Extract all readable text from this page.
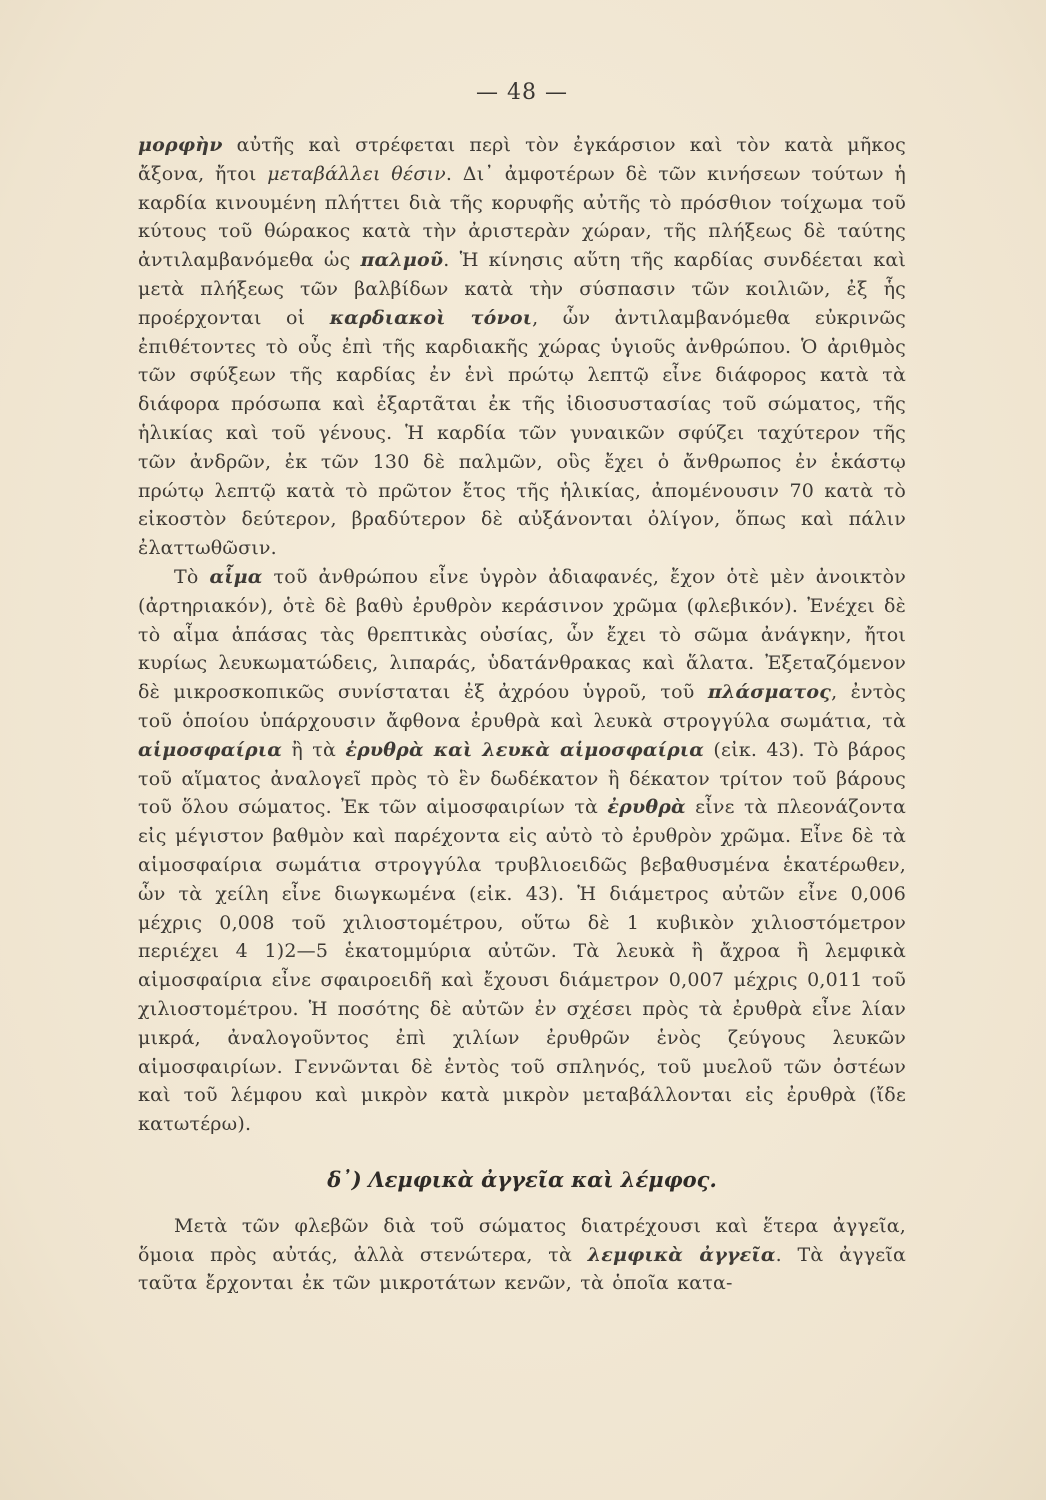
— 48 —

μορφὴν αὐτῆς καὶ στρέφεται περὶ τὸν ἐγκάρσιον καὶ τὸν κατὰ μῆκος ἄξονα, ἤτοι μεταβάλλει θέσιν. Δι᾽ ἀμφοτέρων δὲ τῶν κινήσεων τούτων ἡ καρδία κινουμένη πλήττει διὰ τῆς κορυφῆς αὐτῆς τὸ πρόσθιον τοίχωμα τοῦ κύτους τοῦ θώρακος κατὰ τὴν ἀριστερὰν χώραν, τῆς πλήξεως δὲ ταύτης ἀντιλαμβανόμεθα ὡς παλμοῦ. Ἡ κίνησις αὕτη τῆς καρδίας συνδέεται καὶ μετὰ πλήξεως τῶν βαλβίδων κατὰ τὴν σύσπασιν τῶν κοιλιῶν, ἐξ ἧς προέρχονται οἱ καρδιακοὶ τόνοι, ὧν ἀντιλαμβανόμεθα εὐκρινῶς ἐπιθέτοντες τὸ οὖς ἐπὶ τῆς καρδιακῆς χώρας ὑγιοῦς ἀνθρώπου. Ὁ ἀριθμὸς τῶν σφύξεων τῆς καρδίας ἐν ἑνὶ πρώτῳ λεπτῷ εἶνε διάφορος κατὰ τὰ διάφορα πρόσωπα καὶ ἐξαρτᾶται ἐκ τῆς ἰδιοσυστασίας τοῦ σώματος, τῆς ἡλικίας καὶ τοῦ γένους. Ἡ καρδία τῶν γυναικῶν σφύζει ταχύτερον τῆς τῶν ἀνδρῶν, ἐκ τῶν 130 δὲ παλμῶν, οὓς ἔχει ὁ ἄνθρωπος ἐν ἑκάστῳ πρώτῳ λεπτῷ κατὰ τὸ πρῶτον ἔτος τῆς ἡλικίας, ἀπομένουσιν 70 κατὰ τὸ εἰκοστὸν δεύτερον, βραδύτερον δὲ αὐξάνονται ὀλίγον, ὅπως καὶ πάλιν ἐλαττωθῶσιν.

Τὸ αἷμα τοῦ ἀνθρώπου εἶνε ὑγρὸν ἀδιαφανές, ἔχον ὁτὲ μὲν ἀνοικτὸν (ἀρτηριακόν), ὁτὲ δὲ βαθὺ ἐρυθρὸν κεράσινον χρῶμα (φλεβικόν). Ἐνέχει δὲ τὸ αἷμα ἁπάσας τὰς θρεπτικὰς οὐσίας, ὧν ἔχει τὸ σῶμα ἀνάγκην, ἤτοι κυρίως λευκωματώδεις, λιπαράς, ὑδατάνθρακας καὶ ἅλατα. Ἐξεταζόμενον δὲ μικροσκοπικῶς συνίσταται ἐξ ἀχρόου ὑγροῦ, τοῦ πλάσματος, ἐντὸς τοῦ ὁποίου ὑπάρχουσιν ἄφθονα ἐρυθρὰ καὶ λευκὰ στρογγύλα σωμάτια, τὰ αἱμοσφαίρια ἢ τὰ ἐρυθρὰ καὶ λευκὰ αἱμοσφαίρια (εἰκ. 43). Τὸ βάρος τοῦ αἵματος ἀναλογεῖ πρὸς τὸ ἓν δωδέκατον ἢ δέκατον τρίτον τοῦ βάρους τοῦ ὅλου σώματος. Ἐκ τῶν αἱμοσφαιρίων τὰ ἐρυθρὰ εἶνε τὰ πλεονάζοντα εἰς μέγιστον βαθμὸν καὶ παρέχοντα εἰς αὐτὸ τὸ ἐρυθρὸν χρῶμα. Εἶνε δὲ τὰ αἱμοσφαίρια σωμάτια στρογγύλα τρυβλιοειδῶς βεβαθυσμένα ἑκατέρωθεν, ὧν τὰ χείλη εἶνε διωγκωμένα (εἰκ. 43). Ἡ διάμετρος αὐτῶν εἶνε 0,006 μέχρις 0,008 τοῦ χιλιοστομέτρου, οὕτω δὲ 1 κυβικὸν χιλιοστόμετρον περιέχει 4 1)2—5 ἑκατομμύρια αὐτῶν. Τὰ λευκὰ ἢ ἄχροα ἢ λεμφικὰ αἱμοσφαίρια εἶνε σφαιροειδῆ καὶ ἔχουσι διάμετρον 0,007 μέχρις 0,011 τοῦ χιλιοστομέτρου. Ἡ ποσότης δὲ αὐτῶν ἐν σχέσει πρὸς τὰ ἐρυθρὰ εἶνε λίαν μικρά, ἀναλογοῦντος ἐπὶ χιλίων ἐρυθρῶν ἑνὸς ζεύγους λευκῶν αἱμοσφαιρίων. Γεννῶνται δὲ ἐντὸς τοῦ σπληνός, τοῦ μυελοῦ τῶν ὀστέων καὶ τοῦ λέμφου καὶ μικρὸν κατὰ μικρὸν μεταβάλλονται εἰς ἐρυθρὰ (ἴδε κατωτέρω).

δ᾽) Λεμφικὰ ἀγγεῖα καὶ λέμφος.

Μετὰ τῶν φλεβῶν διὰ τοῦ σώματος διατρέχουσι καὶ ἕτερα ἀγγεῖα, ὅμοια πρὸς αὐτάς, ἀλλὰ στενώτερα, τὰ λεμφικὰ ἀγγεῖα. Τὰ ἀγγεῖα ταῦτα ἔρχονται ἐκ τῶν μικροτάτων κενῶν, τὰ ὁποῖα κατα-
